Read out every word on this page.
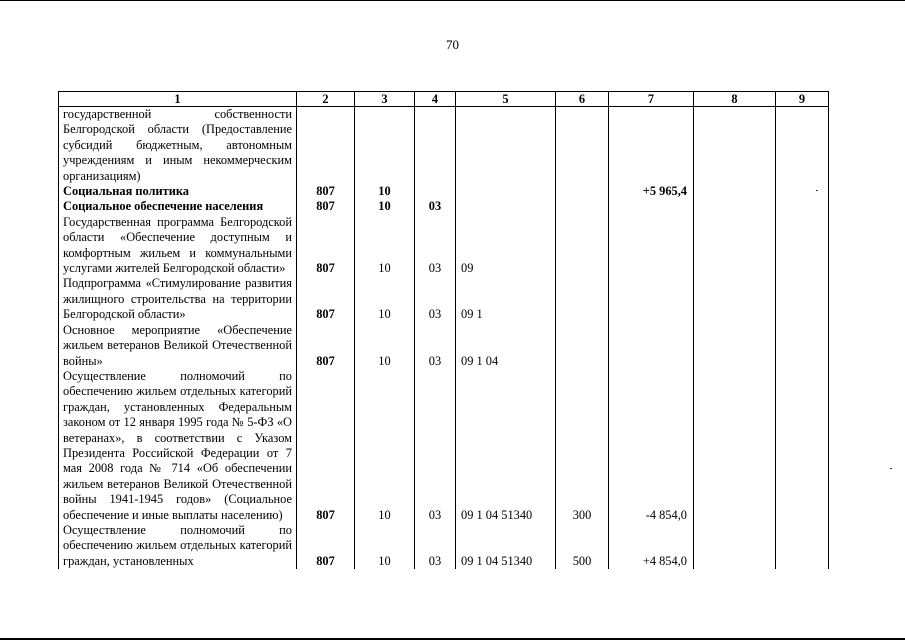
70
1	2	3	4	5	6	7	8	9
государственной собственности Белгородской области (Предоставление субсидий бюджетным, автономным учреждениям и иным некоммерческим организациям)								
Социальная политика	807	10				+5 965,4		
Социальное обеспечение населения	807	10	03					
Государственная программа Белгородской области «Обеспечение доступным и комфортным жильем и коммунальными услугами жителей Белгородской области»	807	10	03	09				
Подпрограмма «Стимулирование развития жилищного строительства на территории Белгородской области»	807	10	03	09 1				
Основное мероприятие «Обеспечение жильем ветеранов Великой Отечественной войны»	807	10	03	09 1 04				
Осуществление полномочий по обеспечению жильем отдельных категорий граждан, установленных Федеральным законом от 12 января 1995 года № 5-ФЗ «О ветеранах», в соответствии с Указом Президента Российской Федерации от 7 мая 2008 года № 714 «Об обеспечении жильем ветеранов Великой Отечественной войны 1941-1945 годов» (Социальное обеспечение и иные выплаты населению)	807	10	03	09 1 04 51340	300	-4 854,0		
Осуществление полномочий по обеспечению жильем отдельных категорий граждан, установленных	807	10	03	09 1 04 51340	500	+4 854,0		
